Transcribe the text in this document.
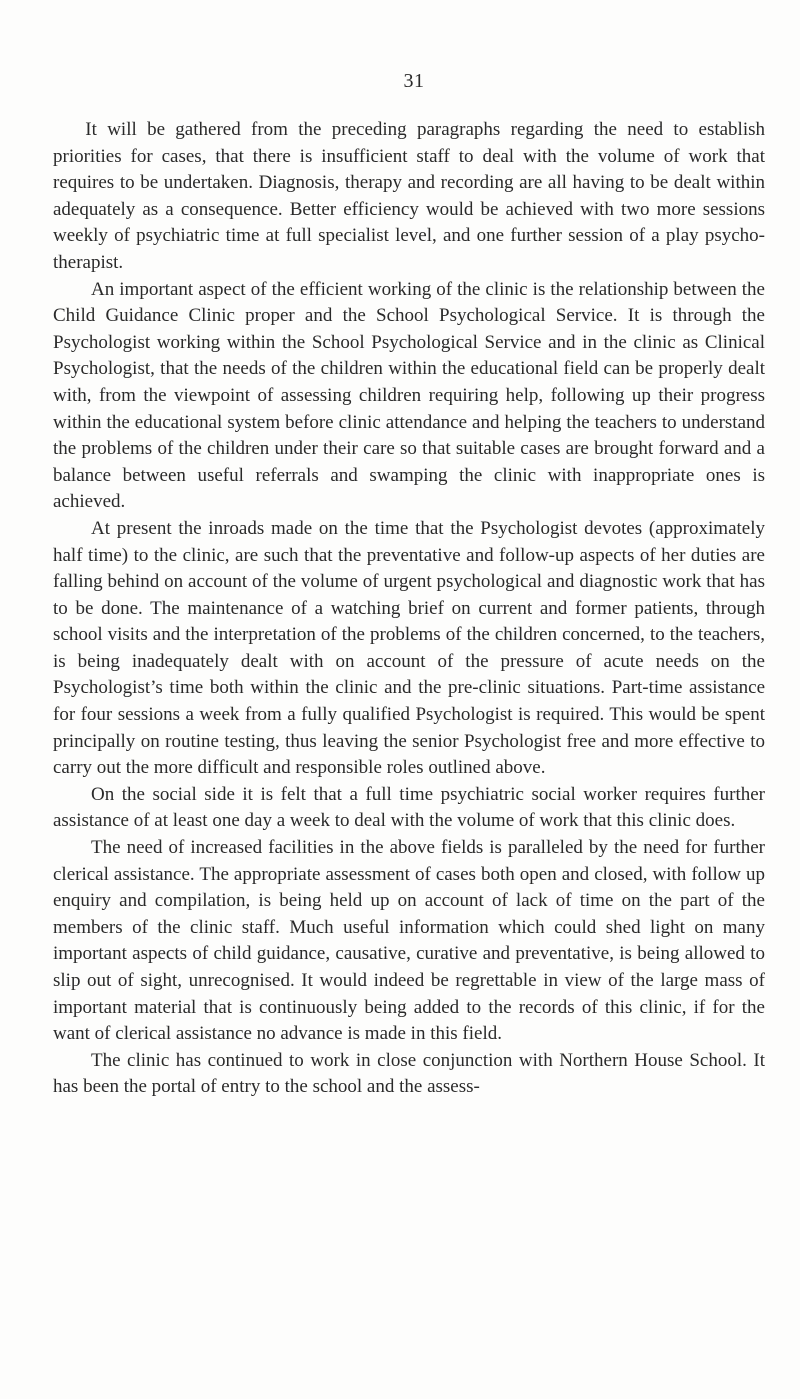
31

It will be gathered from the preceding paragraphs regarding the need to establish priorities for cases, that there is insufficient staff to deal with the volume of work that requires to be undertaken. Diagnosis, therapy and recording are all having to be dealt within adequately as a consequence. Better efficiency would be achieved with two more sessions weekly of psychiatric time at full specialist level, and one further session of a play psycho-therapist.

An important aspect of the efficient working of the clinic is the relationship between the Child Guidance Clinic proper and the School Psychological Service. It is through the Psychologist working within the School Psychological Service and in the clinic as Clinical Psychologist, that the needs of the children within the educational field can be properly dealt with, from the viewpoint of assessing children requiring help, following up their progress within the educational system before clinic attendance and helping the teachers to understand the problems of the children under their care so that suitable cases are brought forward and a balance between useful referrals and swamping the clinic with inappropriate ones is achieved.

At present the inroads made on the time that the Psychologist devotes (approximately half time) to the clinic, are such that the preventative and follow-up aspects of her duties are falling behind on account of the volume of urgent psychological and diagnostic work that has to be done. The maintenance of a watching brief on current and former patients, through school visits and the interpretation of the problems of the children concerned, to the teachers, is being inadequately dealt with on account of the pressure of acute needs on the Psychologist’s time both within the clinic and the pre-clinic situations. Part-time assistance for four sessions a week from a fully qualified Psychologist is required. This would be spent principally on routine testing, thus leaving the senior Psychologist free and more effective to carry out the more difficult and responsible roles outlined above.

On the social side it is felt that a full time psychiatric social worker requires further assistance of at least one day a week to deal with the volume of work that this clinic does.

The need of increased facilities in the above fields is paralleled by the need for further clerical assistance. The appropriate assessment of cases both open and closed, with follow up enquiry and compilation, is being held up on account of lack of time on the part of the members of the clinic staff. Much useful information which could shed light on many important aspects of child guidance, causative, curative and preventative, is being allowed to slip out of sight, unrecognised. It would indeed be regrettable in view of the large mass of important material that is continuously being added to the records of this clinic, if for the want of clerical assistance no advance is made in this field.

The clinic has continued to work in close conjunction with Northern House School. It has been the portal of entry to the school and the assess-
